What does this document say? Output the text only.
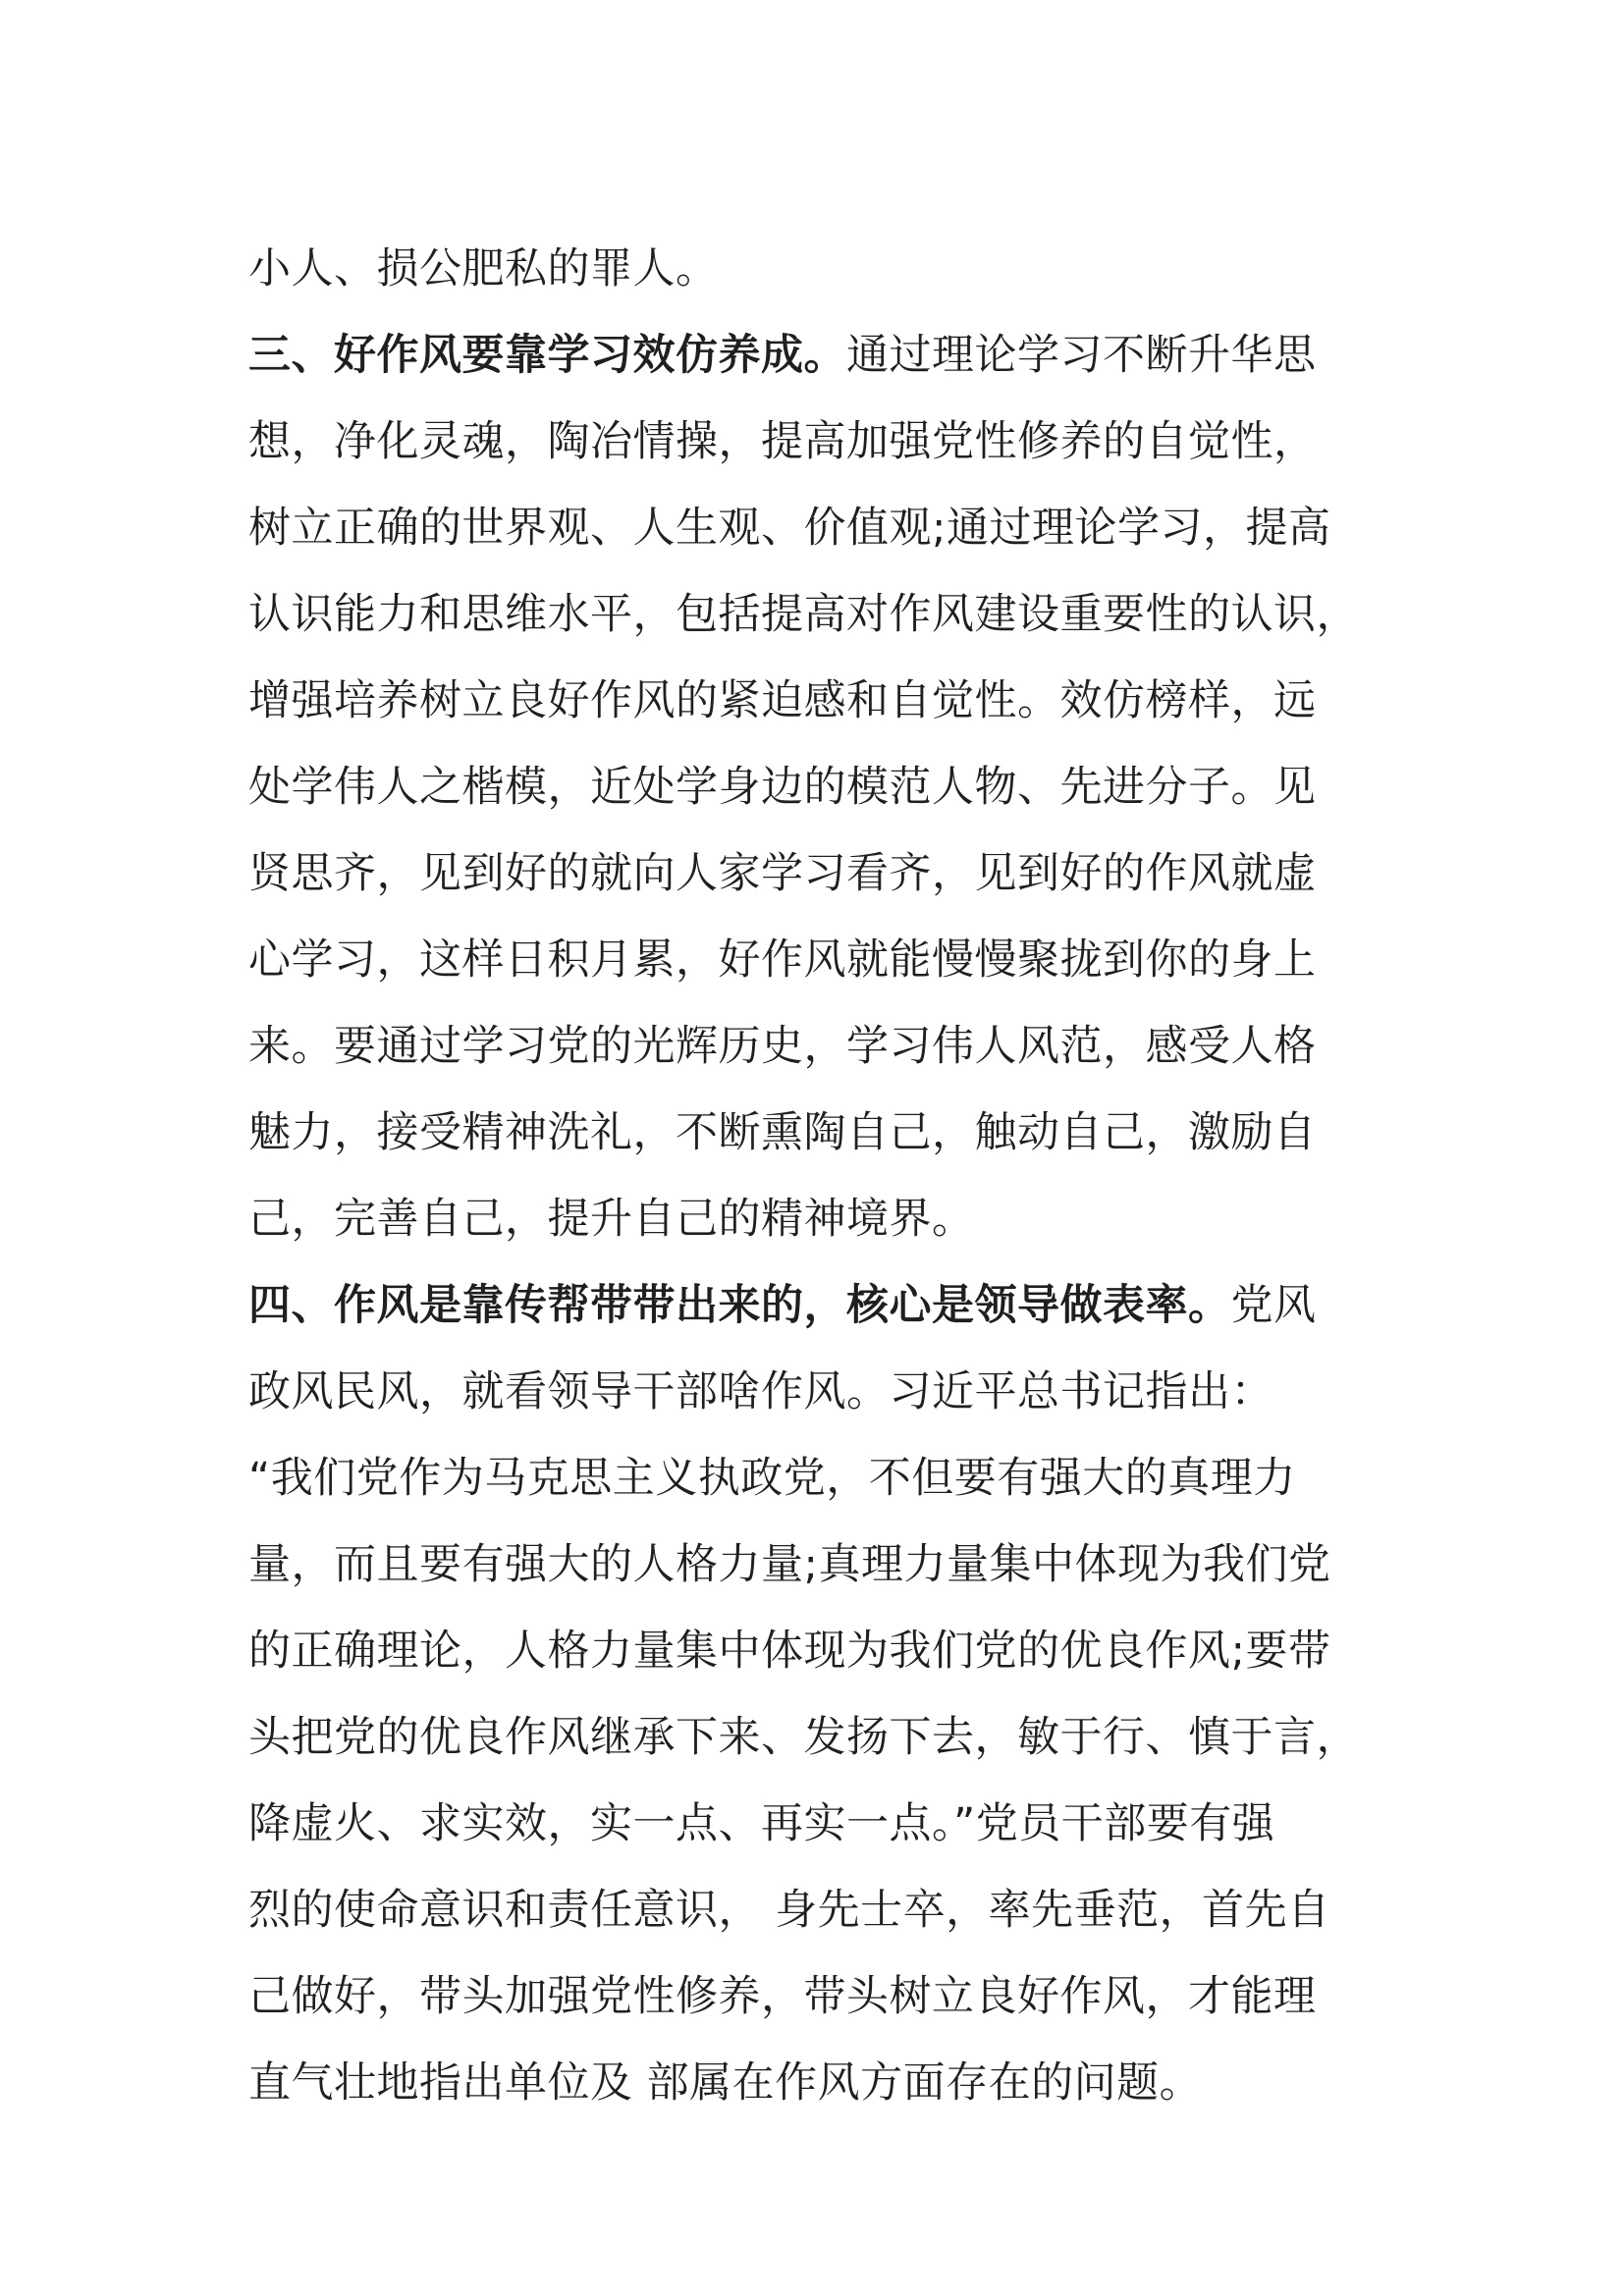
小人、损公肥私的罪人。
三、好作风要靠学习效仿养成。通过理论学习不断升华思
想，净化灵魂，陶冶情操，提高加强党性修养的自觉性，
树立正确的世界观、人生观、价值观;通过理论学习，提高
认识能力和思维水平，包括提高对作风建设重要性的认识，
增强培养树立良好作风的紧迫感和自觉性。效仿榜样，远
处学伟人之楷模，近处学身边的模范人物、先进分子。见
贤思齐，见到好的就向人家学习看齐，见到好的作风就虚
心学习，这样日积月累，好作风就能慢慢聚拢到你的身上
来。要通过学习党的光辉历史，学习伟人风范，感受人格
魅力，接受精神洗礼，不断熏陶自己，触动自己，激励自
己，完善自己，提升自己的精神境界。
四、作风是靠传帮带带出来的，核心是领导做表率。党风
政风民风，就看领导干部啥作风。习近平总书记指出：
“我们党作为马克思主义执政党，不但要有强大的真理力
量，而且要有强大的人格力量;真理力量集中体现为我们党
的正确理论，人格力量集中体现为我们党的优良作风;要带
头把党的优良作风继承下来、发扬下去，敏于行、慎于言，
降虚火、求实效，实一点、再实一点。”党员干部要有强
烈的使命意识和责任意识， 身先士卒，率先垂范，首先自
己做好，带头加强党性修养，带头树立良好作风，才能理
直气壮地指出单位及 部属在作风方面存在的问题。
